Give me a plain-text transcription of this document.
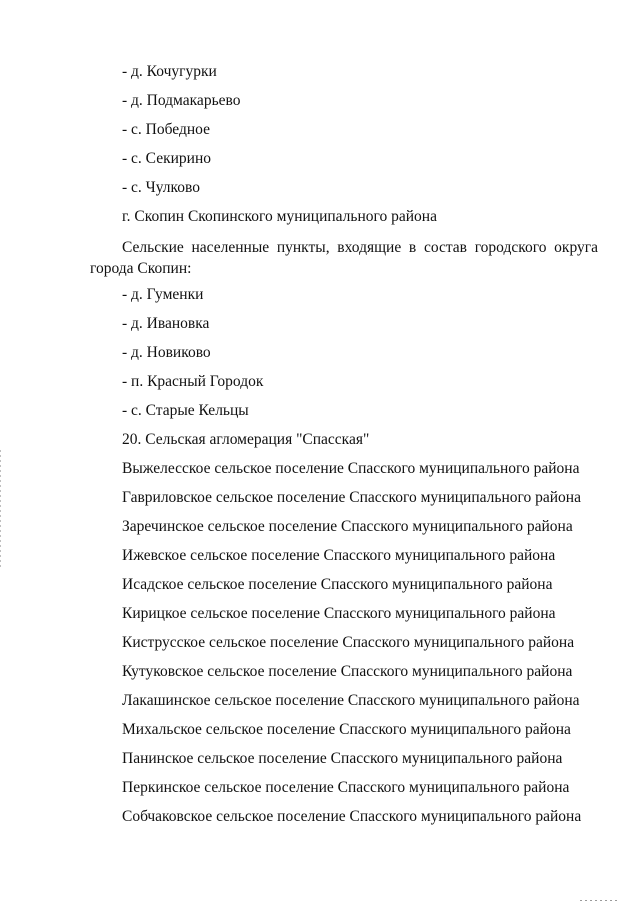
- д. Кочугурки
- д. Подмакарьево
- с. Победное
- с. Секирино
- с. Чулково
г. Скопин Скопинского муниципального района
Сельские населенные пункты, входящие в состав городского округа города Скопин:
- д. Гуменки
- д. Ивановка
- д. Новиково
- п. Красный Городок
- с. Старые Кельцы
20. Сельская агломерация "Спасская"
Выжелесское сельское поселение Спасского муниципального района
Гавриловское сельское поселение Спасского муниципального района
Заречинское сельское поселение Спасского муниципального района
Ижевское сельское поселение Спасского муниципального района
Исадское сельское поселение Спасского муниципального района
Кирицкое сельское поселение Спасского муниципального района
Киструсское сельское поселение Спасского муниципального района
Кутуковское сельское поселение Спасского муниципального района
Лакашинское сельское поселение Спасского муниципального района
Михальское сельское поселение Спасского муниципального района
Панинское сельское поселение Спасского муниципального района
Перкинское сельское поселение Спасского муниципального района
Собчаковское сельское поселение Спасского муниципального района
